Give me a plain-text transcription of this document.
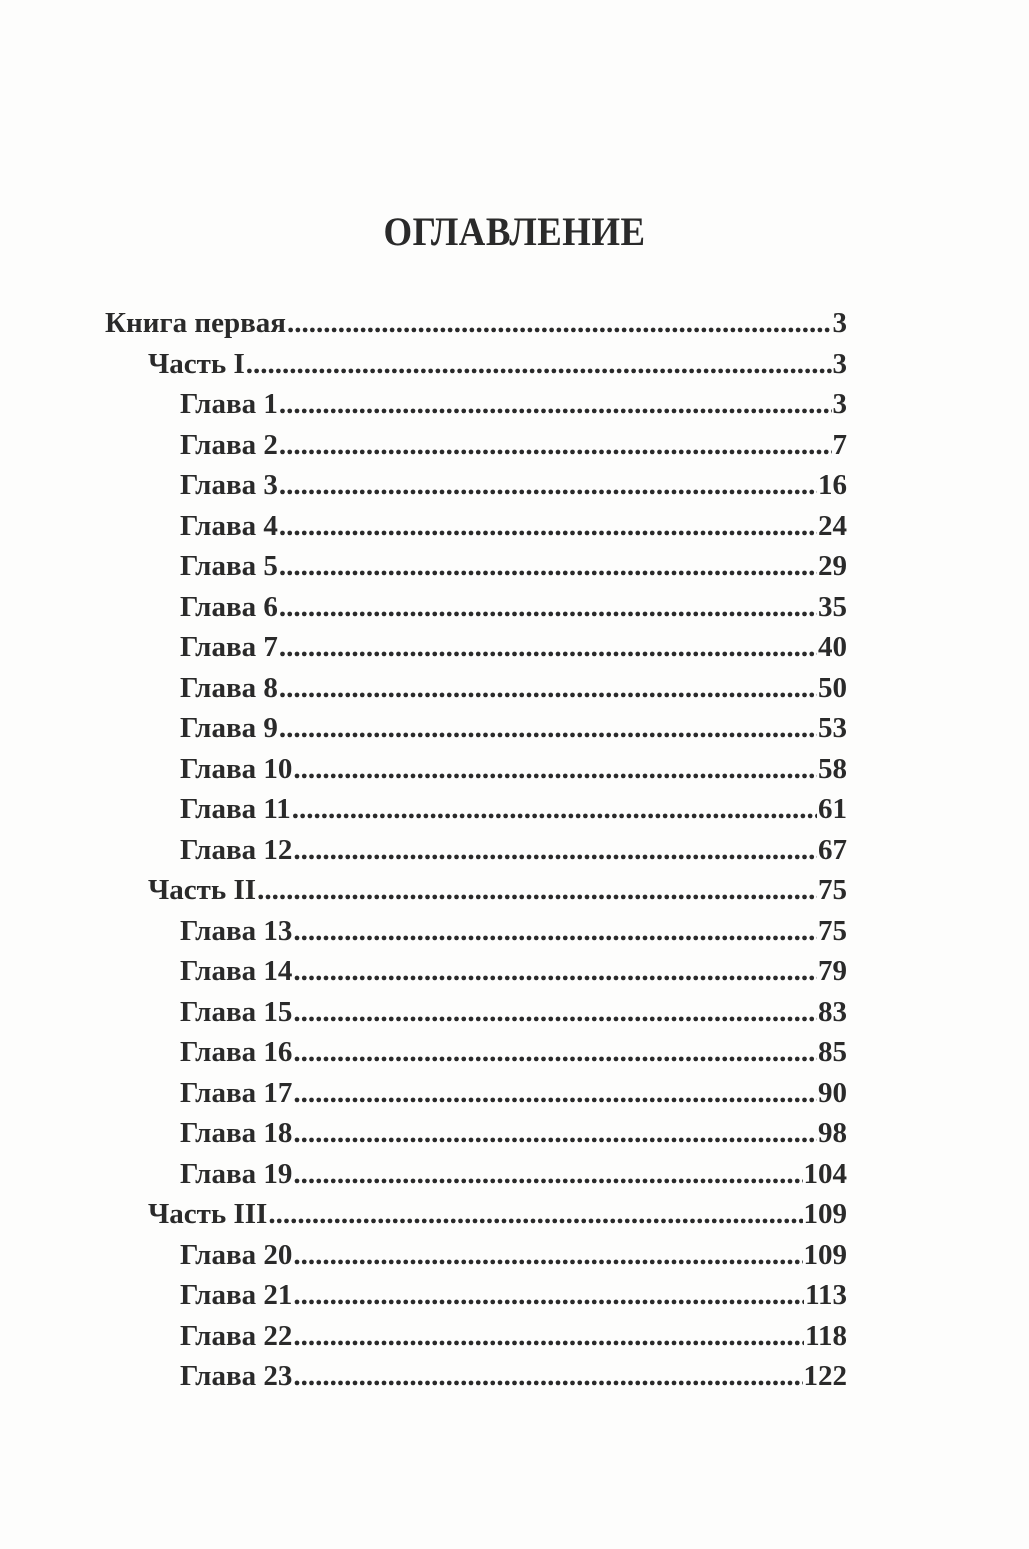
ОГЛАВЛЕНИЕ
Книга первая .....	3
Часть I .....	3
Глава 1 .....	3
Глава 2 .....	7
Глава 3 .....	16
Глава 4 .....	24
Глава 5 .....	29
Глава 6 .....	35
Глава 7 .....	40
Глава 8 .....	50
Глава 9 .....	53
Глава 10 .....	58
Глава 11 .....	61
Глава 12 .....	67
Часть II .....	75
Глава 13 .....	75
Глава 14 .....	79
Глава 15 .....	83
Глава 16 .....	85
Глава 17 .....	90
Глава 18 .....	98
Глава 19 .....	104
Часть III .....	109
Глава 20 .....	109
Глава 21 .....	113
Глава 22 .....	118
Глава 23 .....	122
